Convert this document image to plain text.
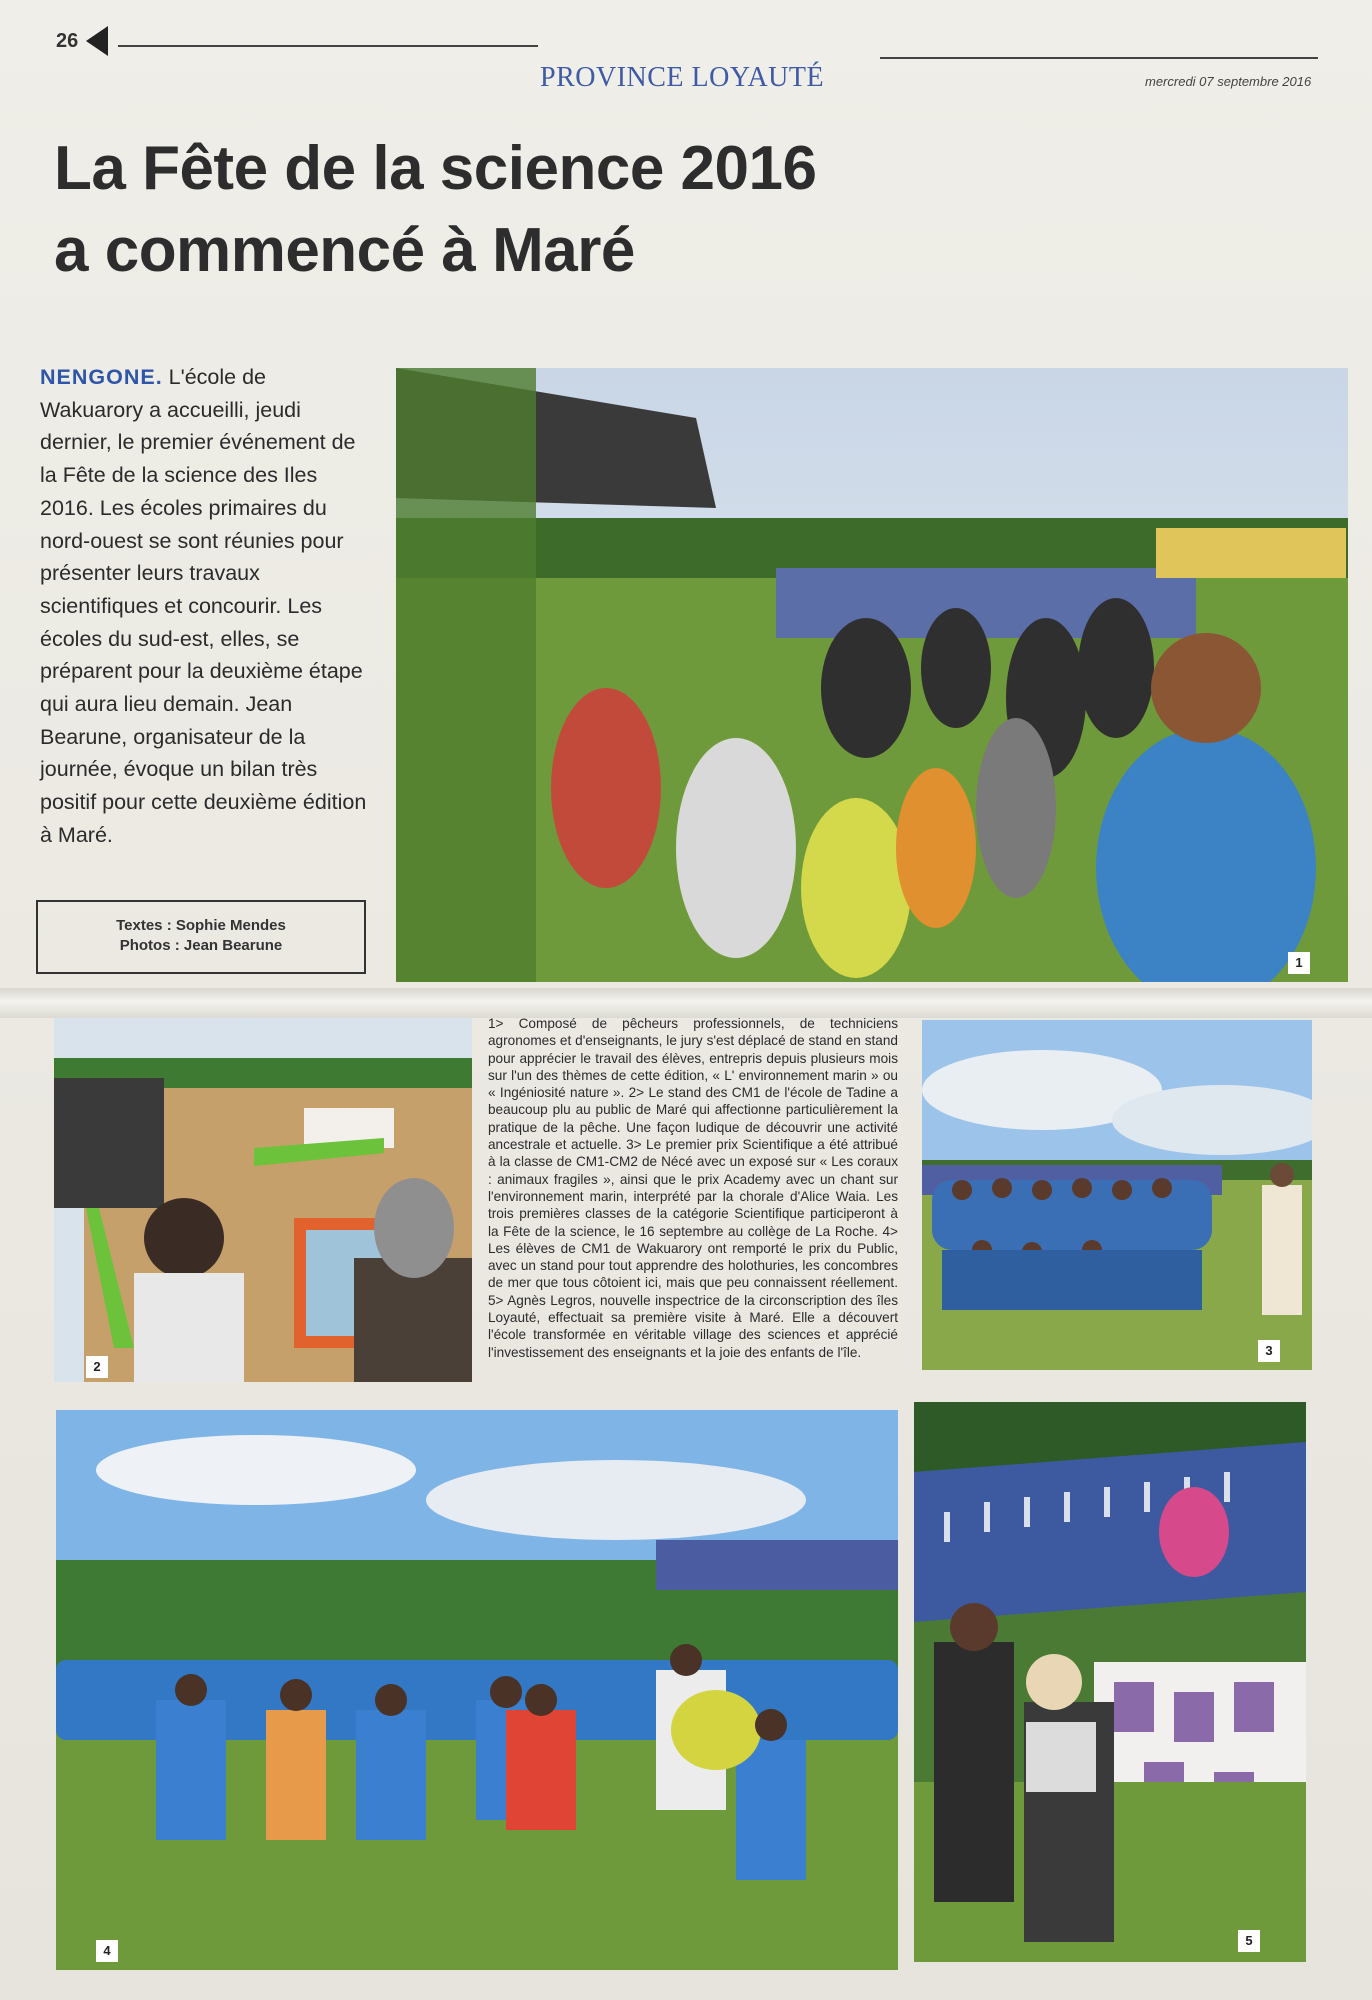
26
PROVINCE LOYAUTÉ	mercredi 07 septembre 2016
La Fête de la science 2016
a commencé à Maré
NENGONE. L'école de Wakuarory a accueilli, jeudi dernier, le premier événement de la Fête de la science des Iles 2016. Les écoles primaires du nord-ouest se sont réunies pour présenter leurs travaux scientifiques et concourir. Les écoles du sud-est, elles, se préparent pour la deuxième étape qui aura lieu demain. Jean Bearune, organisateur de la journée, évoque un bilan très positif pour cette deuxième édition à Maré.
Textes : Sophie Mendes
Photos : Jean Bearune
1
2
1> Composé de pêcheurs professionnels, de techniciens agronomes et d'enseignants, le jury s'est déplacé de stand en stand pour apprécier le travail des élèves, entrepris depuis plusieurs mois sur l'un des thèmes de cette édition, « L' environnement marin » ou « Ingéniosité nature ». 2> Le stand des CM1 de l'école de Tadine a beaucoup plu au public de Maré qui affectionne particulièrement la pratique de la pêche. Une façon ludique de découvrir une activité ancestrale et actuelle. 3> Le premier prix Scientifique a été attribué à la classe de CM1-CM2 de Nécé avec un exposé sur « Les coraux : animaux fragiles », ainsi que le prix Academy avec un chant sur l'environnement marin, interprété par la chorale d'Alice Waia. Les trois premières classes de la catégorie Scientifique participeront à la Fête de la science, le 16 septembre au collège de La Roche. 4> Les élèves de CM1 de Wakuarory ont remporté le prix du Public, avec un stand pour tout apprendre des holothuries, les concombres de mer que tous côtoient ici, mais que peu connaissent réellement. 5> Agnès Legros, nouvelle inspectrice de la circonscription des îles Loyauté, effectuait sa première visite à Maré. Elle a découvert l'école transformée en véritable village des sciences et apprécié l'investissement des enseignants et la joie des enfants de l'île.	3
4
5
